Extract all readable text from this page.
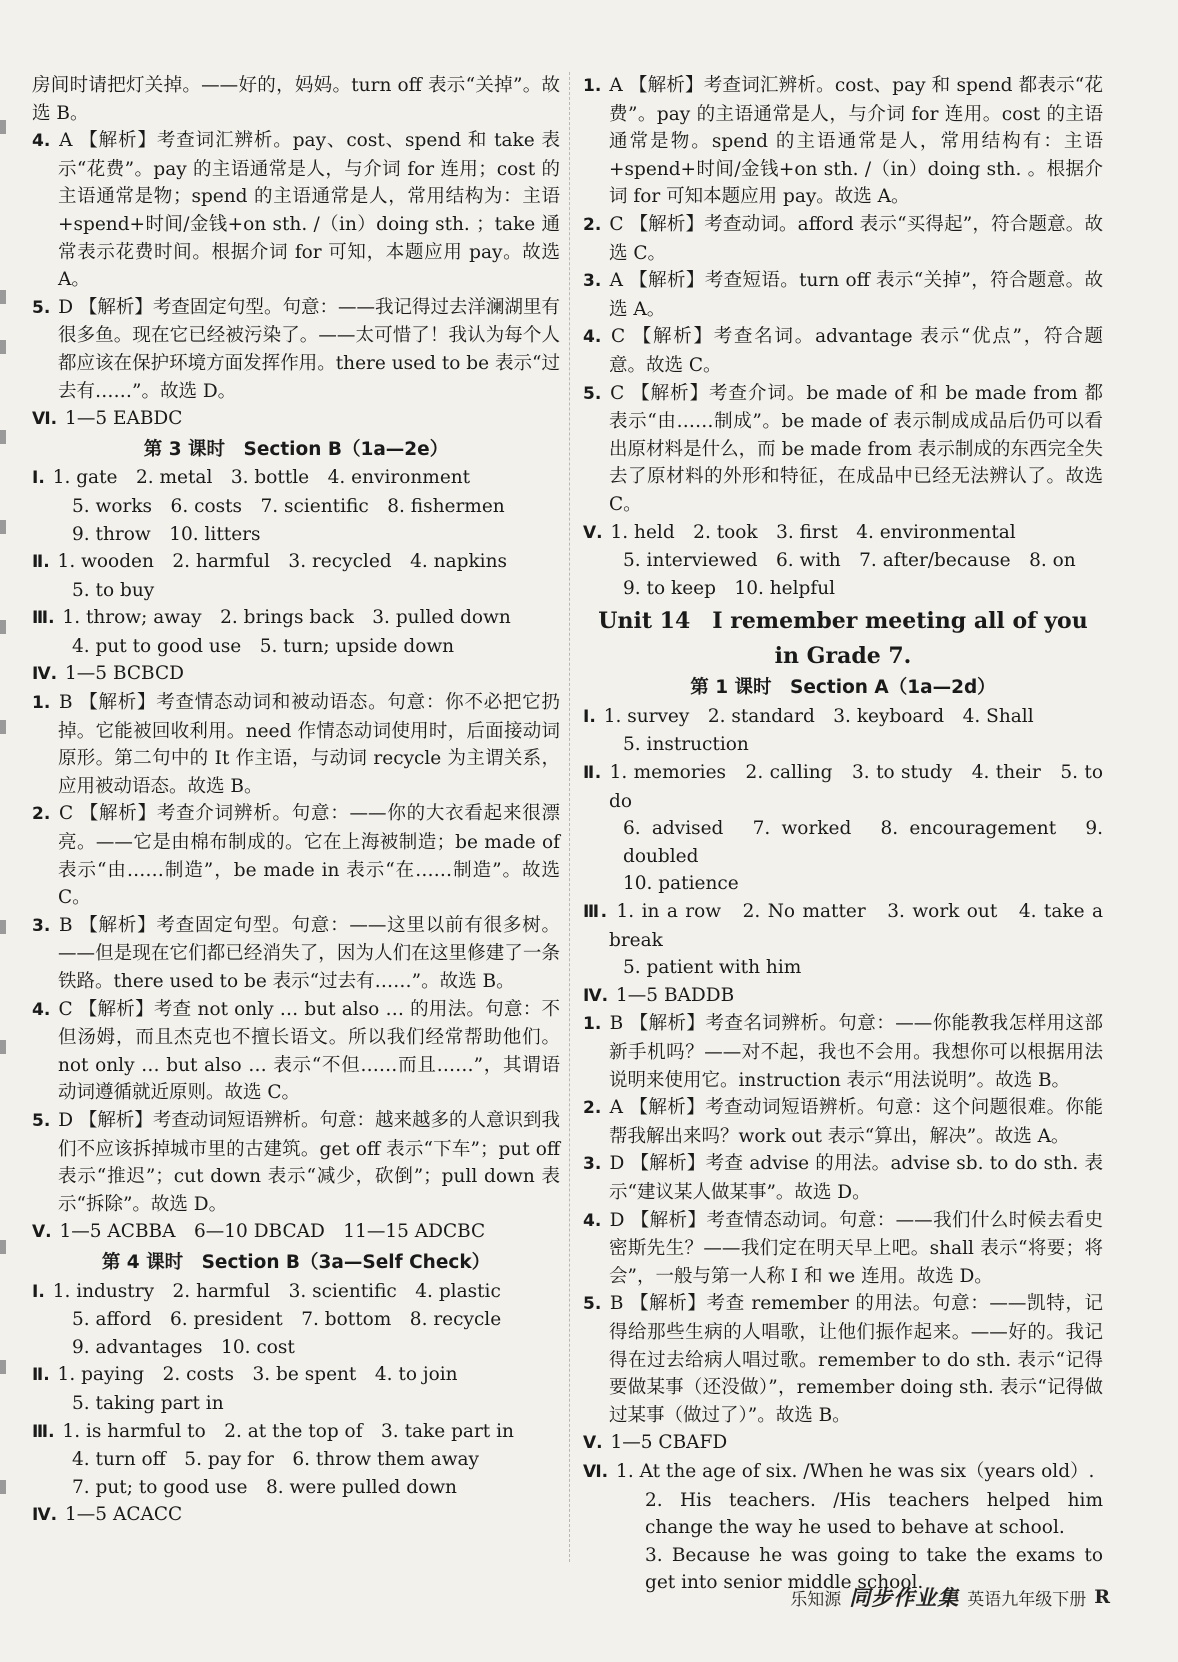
房间时请把灯关掉。——好的，妈妈。turn off 表示“关掉”。故选 B。

4. A 【解析】考查词汇辨析。pay、cost、spend 和 take 表示“花费”。pay 的主语通常是人，与介词 for 连用；cost 的主语通常是物；spend 的主语通常是人，常用结构为：主语+spend+时间/金钱+on sth. /（in）doing sth. ；take 通常表示花费时间。根据介词 for 可知，本题应用 pay。故选 A。

5. D 【解析】考查固定句型。句意：——我记得过去洋澜湖里有很多鱼。现在它已经被污染了。——太可惜了！我认为每个人都应该在保护环境方面发挥作用。there used to be 表示“过去有……”。故选 D。

Ⅵ. 1—5 EABDC

第 3 课时　Section B（1a—2e）

Ⅰ. 1. gate　2. metal　3. bottle　4. environment

5. works　6. costs　7. scientific　8. fishermen

9. throw　10. litters

Ⅱ. 1. wooden　2. harmful　3. recycled　4. napkins

5. to buy

Ⅲ. 1. throw; away　2. brings back　3. pulled down

4. put to good use　5. turn; upside down

Ⅳ. 1—5 BCBCD

1. B 【解析】考查情态动词和被动语态。句意：你不必把它扔掉。它能被回收利用。need 作情态动词使用时，后面接动词原形。第二句中的 It 作主语，与动词 recycle 为主谓关系，应用被动语态。故选 B。

2. C 【解析】考查介词辨析。句意：——你的大衣看起来很漂亮。——它是由棉布制成的。它在上海被制造；be made of 表示“由……制造”，be made in 表示“在……制造”。故选 C。

3. B 【解析】考查固定句型。句意：——这里以前有很多树。——但是现在它们都已经消失了，因为人们在这里修建了一条铁路。there used to be 表示“过去有……”。故选 B。

4. C 【解析】考查 not only … but also … 的用法。句意：不但汤姆，而且杰克也不擅长语文。所以我们经常帮助他们。not only … but also … 表示“不但……而且……”，其谓语动词遵循就近原则。故选 C。

5. D 【解析】考查动词短语辨析。句意：越来越多的人意识到我们不应该拆掉城市里的古建筑。get off 表示“下车”；put off 表示“推迟”；cut down 表示“减少，砍倒”；pull down 表示“拆除”。故选 D。

Ⅴ. 1—5 ACBBA　6—10 DBCAD　11—15 ADCBC

第 4 课时　Section B（3a—Self Check）

Ⅰ. 1. industry　2. harmful　3. scientific　4. plastic

5. afford　6. president　7. bottom　8. recycle

9. advantages　10. cost

Ⅱ. 1. paying　2. costs　3. be spent　4. to join

5. taking part in

Ⅲ. 1. is harmful to　2. at the top of　3. take part in

4. turn off　5. pay for　6. throw them away

7. put; to good use　8. were pulled down

Ⅳ. 1—5 ACACC

1. A 【解析】考查词汇辨析。cost、pay 和 spend 都表示“花费”。pay 的主语通常是人，与介词 for 连用。cost 的主语通常是物。spend 的主语通常是人，常用结构有：主语+spend+时间/金钱+on sth. /（in）doing sth. 。根据介词 for 可知本题应用 pay。故选 A。

2. C 【解析】考查动词。afford 表示“买得起”，符合题意。故选 C。

3. A 【解析】考查短语。turn off 表示“关掉”，符合题意。故选 A。

4. C 【解析】考查名词。advantage 表示“优点”，符合题意。故选 C。

5. C 【解析】考查介词。be made of 和 be made from 都表示“由……制成”。be made of 表示制成成品后仍可以看出原材料是什么，而 be made from 表示制成的东西完全失去了原材料的外形和特征，在成品中已经无法辨认了。故选 C。

Ⅴ. 1. held　2. took　3. first　4. environmental

5. interviewed　6. with　7. after/because　8. on

9. to keep　10. helpful

Unit 14　I remember meeting all of you
in Grade 7.
第 1 课时　Section A（1a—2d）

Ⅰ. 1. survey　2. standard　3. keyboard　4. Shall

5. instruction

Ⅱ. 1. memories　2. calling　3. to study　4. their　5. to do

6. advised　7. worked　8. encouragement　9. doubled

10. patience

Ⅲ. 1. in a row　2. No matter　3. work out　4. take a break

5. patient with him

Ⅳ. 1—5 BADDB

1. B 【解析】考查名词辨析。句意：——你能教我怎样用这部新手机吗？——对不起，我也不会用。我想你可以根据用法说明来使用它。instruction 表示“用法说明”。故选 B。

2. A 【解析】考查动词短语辨析。句意：这个问题很难。你能帮我解出来吗？work out 表示“算出，解决”。故选 A。

3. D 【解析】考查 advise 的用法。advise sb. to do sth. 表示“建议某人做某事”。故选 D。

4. D 【解析】考查情态动词。句意：——我们什么时候去看史密斯先生？——我们定在明天早上吧。shall 表示“将要；将会”，一般与第一人称 I 和 we 连用。故选 D。

5. B 【解析】考查 remember 的用法。句意：——凯特，记得给那些生病的人唱歌，让他们振作起来。——好的。我记得在过去给病人唱过歌。remember to do sth. 表示“记得要做某事（还没做）”，remember doing sth. 表示“记得做过某事（做过了）”。故选 B。

Ⅴ. 1—5 CBAFD

Ⅵ. 1. At the age of six. /When he was six（years old）.

2. His teachers. /His teachers helped him change the way he used to behave at school.

3. Because he was going to take the exams to get into senior middle school.

乐知源 同步作业集 英语九年级下册 R
